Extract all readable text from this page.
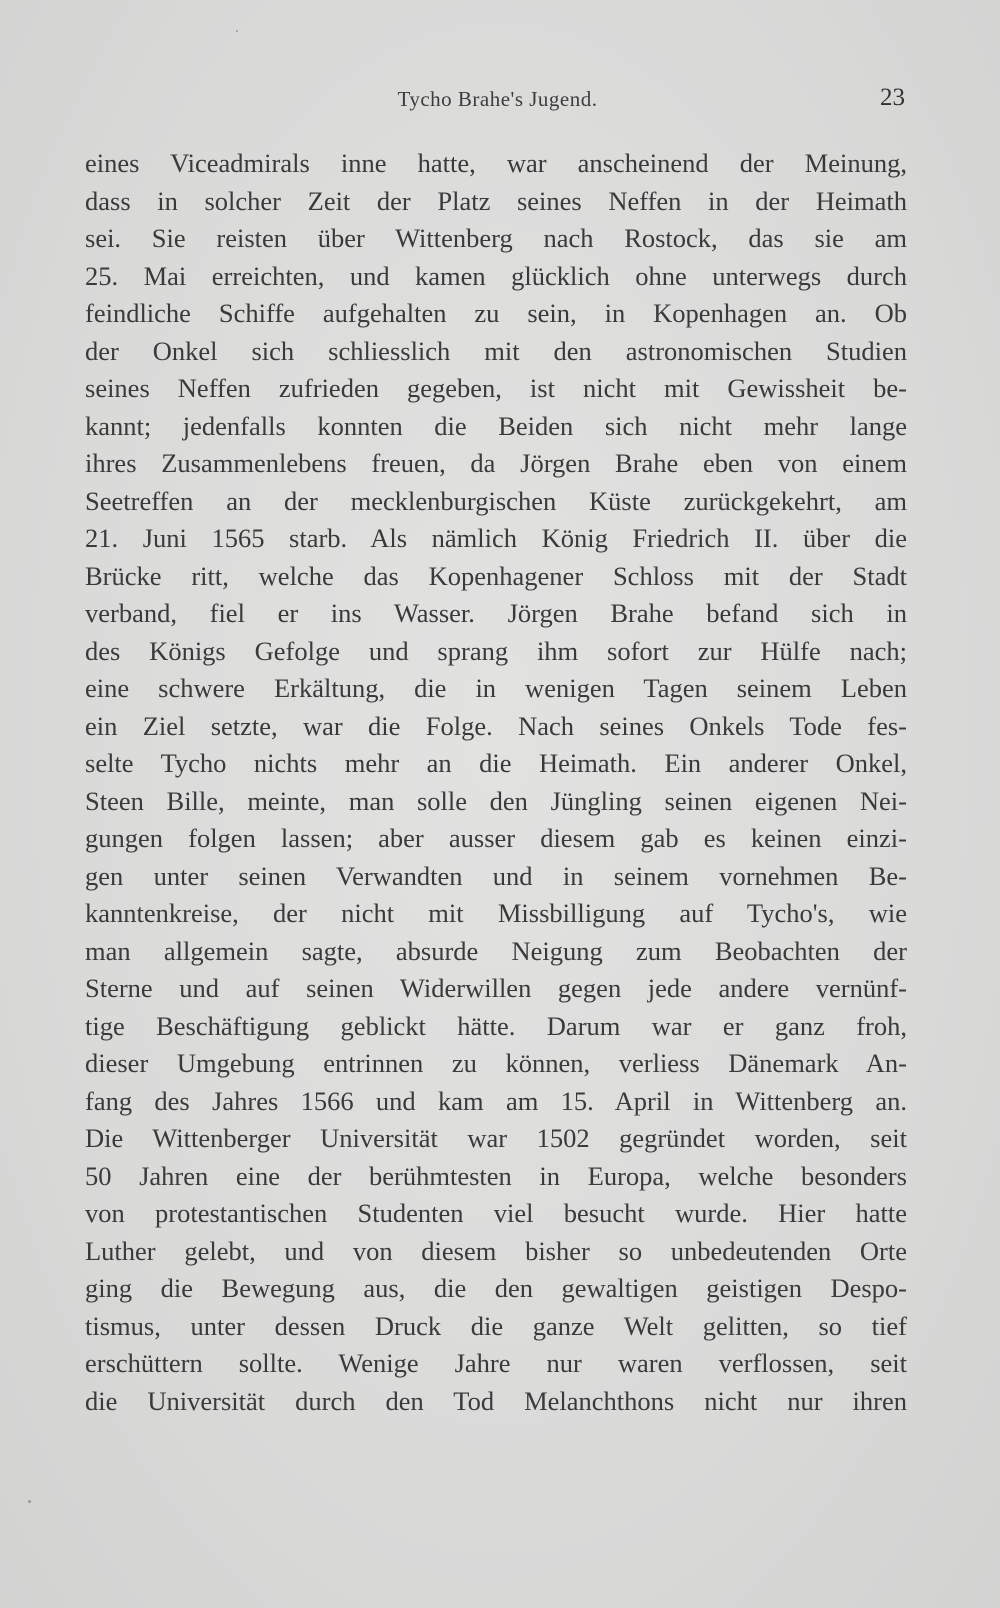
Tycho Brahe's Jugend.	23
eines Viceadmirals inne hatte, war anscheinend der Meinung,
dass in solcher Zeit der Platz seines Neffen in der Heimath
sei. Sie reisten über Wittenberg nach Rostock, das sie am
25. Mai erreichten, und kamen glücklich ohne unterwegs durch
feindliche Schiffe aufgehalten zu sein, in Kopenhagen an. Ob
der Onkel sich schliesslich mit den astronomischen Studien
seines Neffen zufrieden gegeben, ist nicht mit Gewissheit be-
kannt; jedenfalls konnten die Beiden sich nicht mehr lange
ihres Zusammenlebens freuen, da Jörgen Brahe eben von einem
Seetreffen an der mecklenburgischen Küste zurückgekehrt, am
21. Juni 1565 starb. Als nämlich König Friedrich II. über die
Brücke ritt, welche das Kopenhagener Schloss mit der Stadt
verband, fiel er ins Wasser. Jörgen Brahe befand sich in
des Königs Gefolge und sprang ihm sofort zur Hülfe nach;
eine schwere Erkältung, die in wenigen Tagen seinem Leben
ein Ziel setzte, war die Folge. Nach seines Onkels Tode fes-
selte Tycho nichts mehr an die Heimath. Ein anderer Onkel,
Steen Bille, meinte, man solle den Jüngling seinen eigenen Nei-
gungen folgen lassen; aber ausser diesem gab es keinen einzi-
gen unter seinen Verwandten und in seinem vornehmen Be-
kanntenkreise, der nicht mit Missbilligung auf Tycho's, wie
man allgemein sagte, absurde Neigung zum Beobachten der
Sterne und auf seinen Widerwillen gegen jede andere vernünf-
tige Beschäftigung geblickt hätte. Darum war er ganz froh,
dieser Umgebung entrinnen zu können, verliess Dänemark An-
fang des Jahres 1566 und kam am 15. April in Wittenberg an.
Die Wittenberger Universität war 1502 gegründet worden, seit
50 Jahren eine der berühmtesten in Europa, welche besonders
von protestantischen Studenten viel besucht wurde. Hier hatte
Luther gelebt, und von diesem bisher so unbedeutenden Orte
ging die Bewegung aus, die den gewaltigen geistigen Despo-
tismus, unter dessen Druck die ganze Welt gelitten, so tief
erschüttern sollte. Wenige Jahre nur waren verflossen, seit
die Universität durch den Tod Melanchthons nicht nur ihren
